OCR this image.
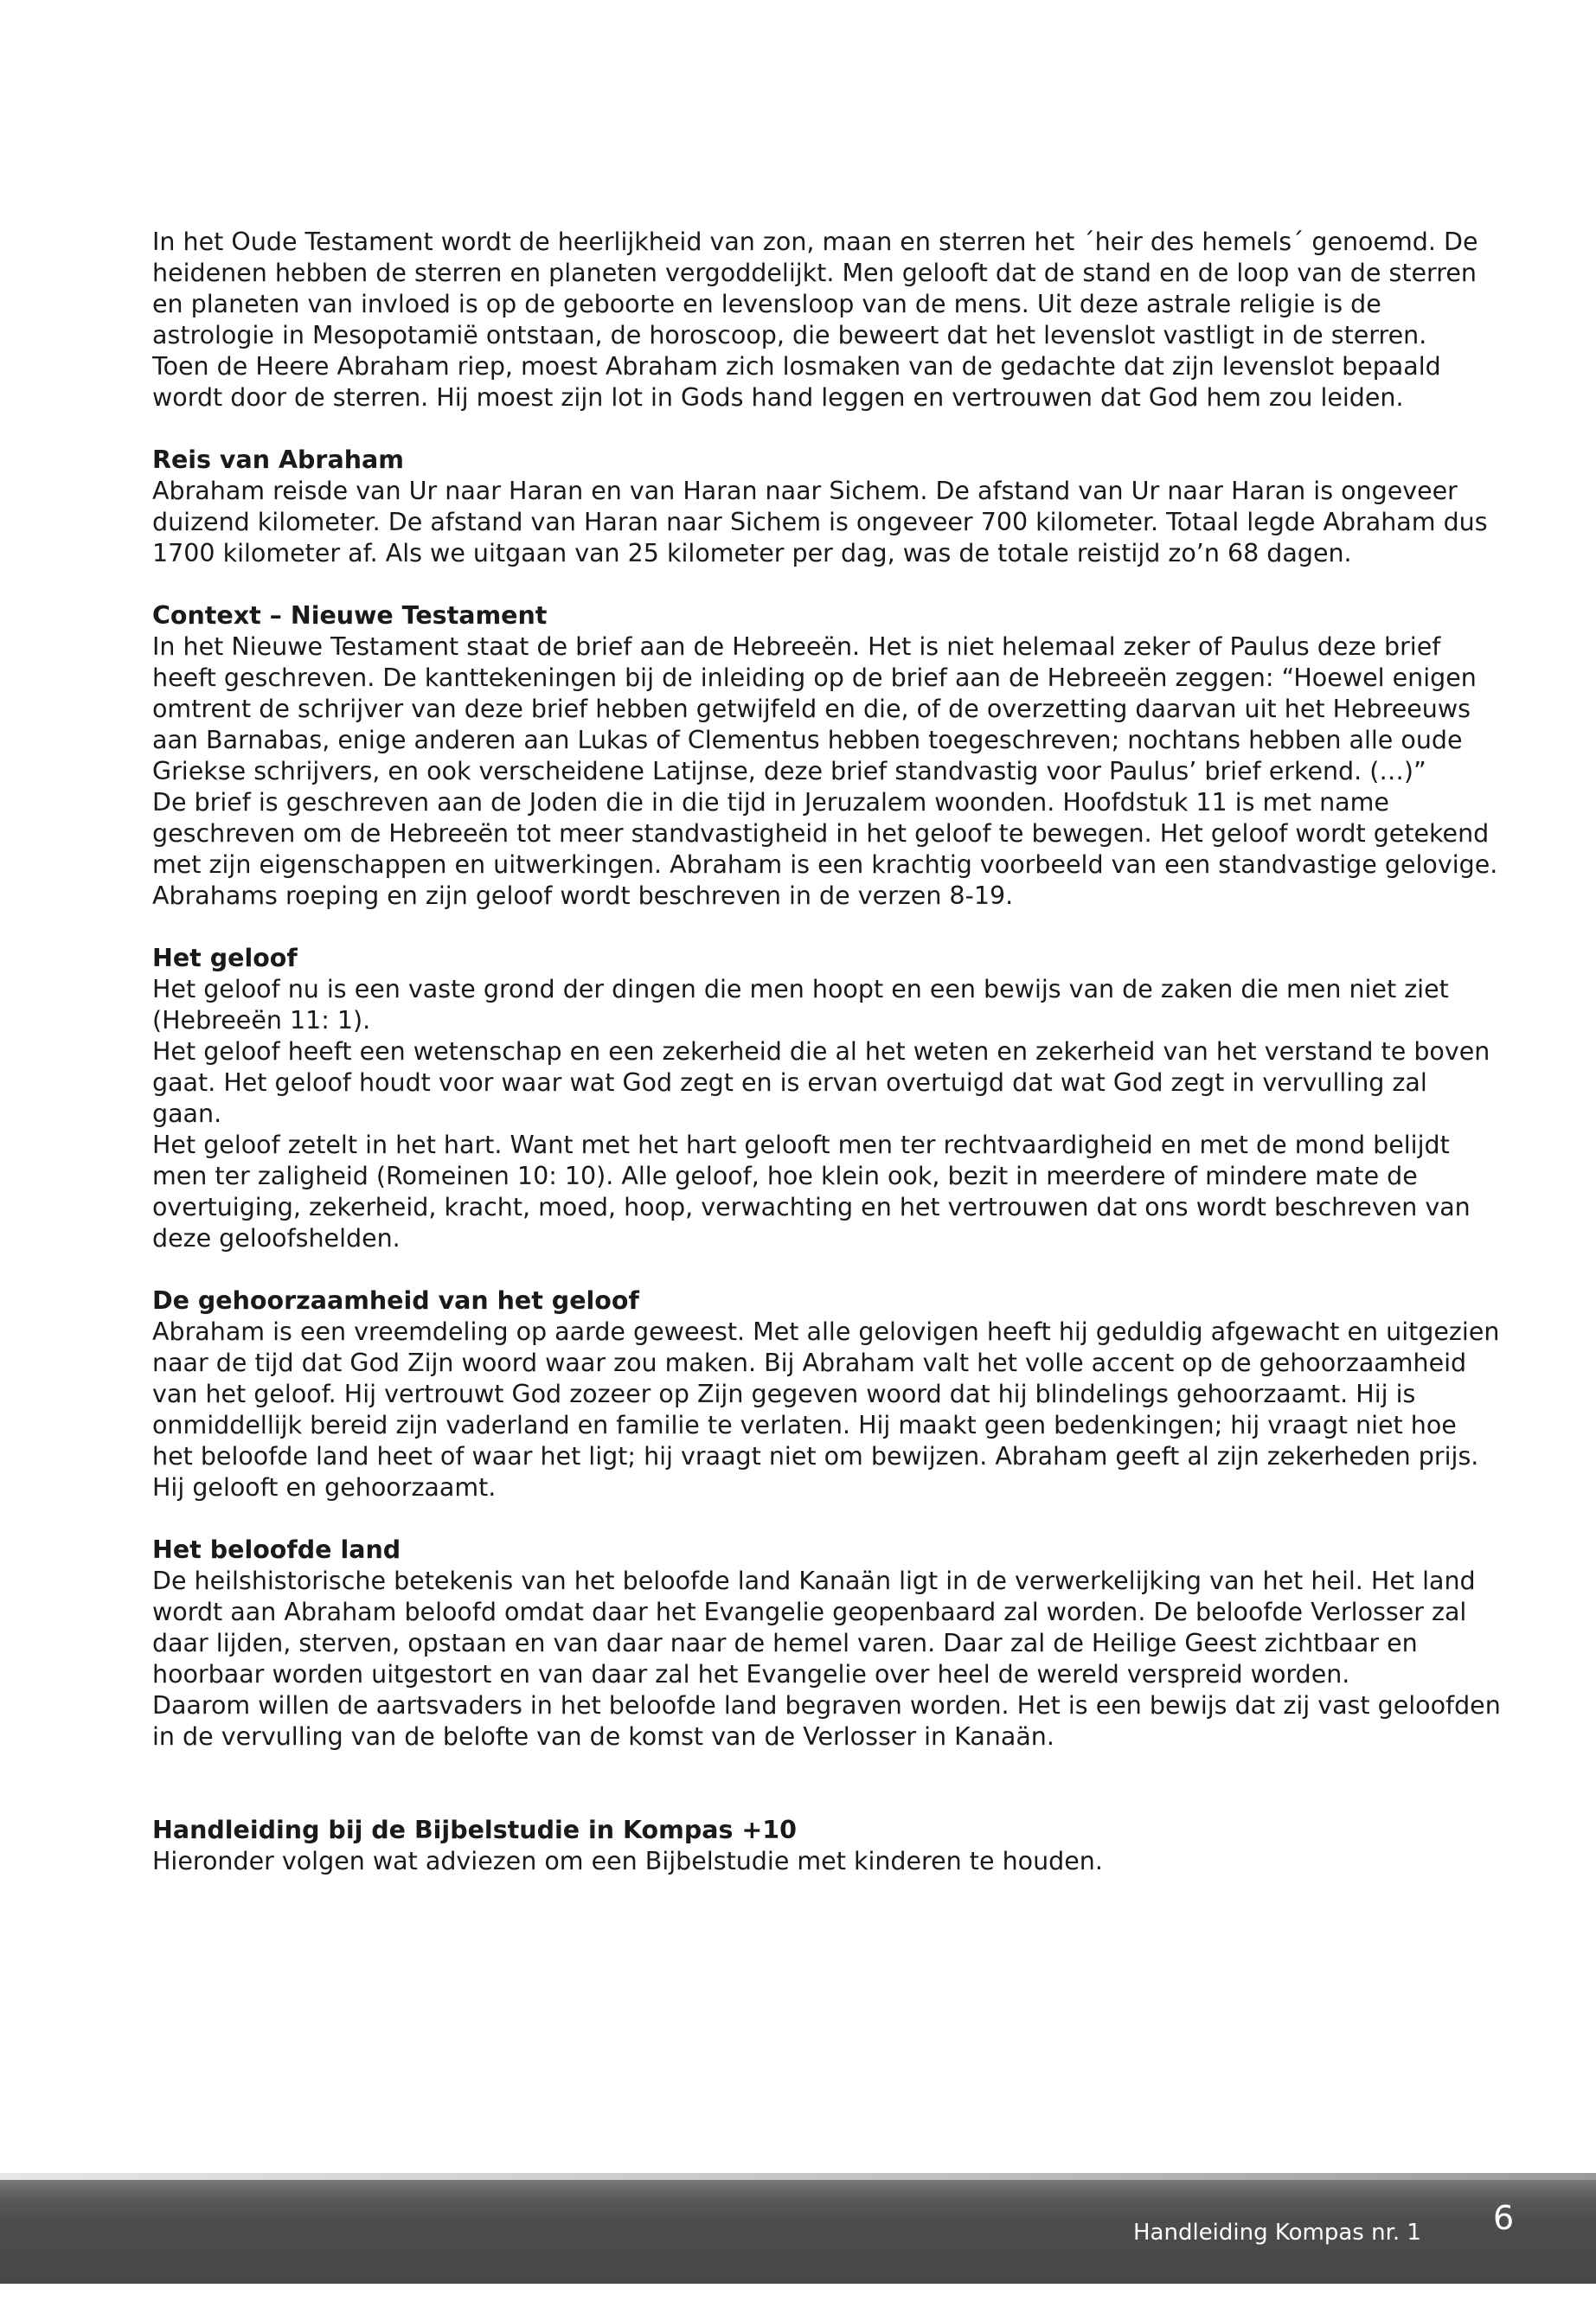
In het Oude Testament wordt de heerlijkheid van zon, maan en sterren het ´heir des hemels´ genoemd. De heidenen hebben de sterren en planeten vergoddelijkt. Men gelooft dat de stand en de loop van de sterren en planeten van invloed is op de geboorte en levensloop van de mens. Uit deze astrale religie is de astrologie in Mesopotamië ontstaan, de horoscoop, die beweert dat het levenslot vastligt in de sterren.

Toen de Heere Abraham riep, moest Abraham zich losmaken van de gedachte dat zijn levenslot bepaald wordt door de sterren. Hij moest zijn lot in Gods hand leggen en vertrouwen dat God hem zou leiden.

Reis van Abraham

Abraham reisde van Ur naar Haran en van Haran naar Sichem. De afstand van Ur naar Haran is ongeveer duizend kilometer. De afstand van Haran naar Sichem is ongeveer 700 kilometer. Totaal legde Abraham dus 1700 kilometer af. Als we uitgaan van 25 kilometer per dag, was de totale reistijd zo’n 68 dagen.

Context – Nieuwe Testament

In het Nieuwe Testament staat de brief aan de Hebreeën. Het is niet helemaal zeker of Paulus deze brief heeft geschreven. De kanttekeningen bij de inleiding op de brief aan de Hebreeën zeggen: “Hoewel enigen omtrent de schrijver van deze brief hebben getwijfeld en die, of de overzetting daarvan uit het Hebreeuws aan Barnabas, enige anderen aan Lukas of Clementus hebben toegeschreven; nochtans hebben alle oude Griekse schrijvers, en ook verscheidene Latijnse, deze brief standvastig voor Paulus’ brief erkend. (…)”

De brief is geschreven aan de Joden die in die tijd in Jeruzalem woonden. Hoofdstuk 11 is met name geschreven om de Hebreeën tot meer standvastigheid in het geloof te bewegen. Het geloof wordt getekend met zijn eigenschappen en uitwerkingen. Abraham is een krachtig voorbeeld van een standvastige gelovige. Abrahams roeping en zijn geloof wordt beschreven in de verzen 8-19.

Het geloof

Het geloof nu is een vaste grond der dingen die men hoopt en een bewijs van de zaken die men niet ziet (Hebreeën 11: 1).

Het geloof heeft een wetenschap en een zekerheid die al het weten en zekerheid van het verstand te boven gaat. Het geloof houdt voor waar wat God zegt en is ervan overtuigd dat wat God zegt in vervulling zal gaan.

Het geloof zetelt in het hart. Want met het hart gelooft men ter rechtvaardigheid en met de mond belijdt men ter zaligheid (Romeinen 10: 10). Alle geloof, hoe klein ook, bezit in meerdere of mindere mate de overtuiging, zekerheid, kracht, moed, hoop, verwachting en het vertrouwen dat ons wordt beschreven van deze geloofshelden.

De gehoorzaamheid van het geloof

Abraham is een vreemdeling op aarde geweest. Met alle gelovigen heeft hij geduldig afgewacht en uitgezien naar de tijd dat God Zijn woord waar zou maken. Bij Abraham valt het volle accent op de gehoorzaamheid van het geloof. Hij vertrouwt God zozeer op Zijn gegeven woord dat hij blindelings gehoorzaamt. Hij is onmiddellijk bereid zijn vaderland en familie te verlaten. Hij maakt geen bedenkingen; hij vraagt niet hoe het beloofde land heet of waar het ligt; hij vraagt niet om bewijzen. Abraham geeft al zijn zekerheden prijs. Hij gelooft en gehoorzaamt.

Het beloofde land

De heilshistorische betekenis van het beloofde land Kanaän ligt in de verwerkelijking van het heil. Het land wordt aan Abraham beloofd omdat daar het Evangelie geopenbaard zal worden. De beloofde Verlosser zal daar lijden, sterven, opstaan en van daar naar de hemel varen. Daar zal de Heilige Geest zichtbaar en hoorbaar worden uitgestort en van daar zal het Evangelie over heel de wereld verspreid worden.

Daarom willen de aartsvaders in het beloofde land begraven worden. Het is een bewijs dat zij vast geloofden in de vervulling van de belofte van de komst van de Verlosser in Kanaän.

Handleiding bij de Bijbelstudie in Kompas +10

Hieronder volgen wat adviezen om een Bijbelstudie met kinderen te houden.

Handleiding Kompas nr. 1 6
